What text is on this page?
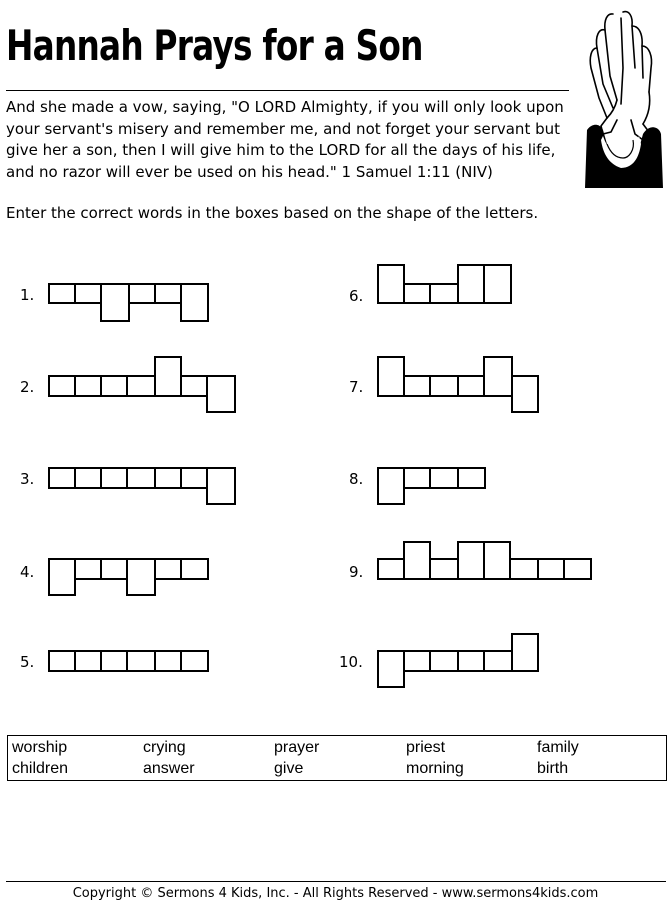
Hannah Prays for a Son
And she made a vow, saying, "O LORD Almighty, if you will only look upon your servant's misery and remember me, and not forget your servant but give her a son, then I will give him to the LORD for all the days of his life, and no razor will ever be used on his head." 1 Samuel 1:11 (NIV)
Enter the correct words in the boxes based on the shape of the letters.
1.
2.
3.
4.
5.
6.
7.
8.
9.
10.
worship	crying	prayer	priest	family
children	answer	give	morning	birth
Copyright © Sermons 4 Kids, Inc. - All Rights Reserved - www.sermons4kids.com
